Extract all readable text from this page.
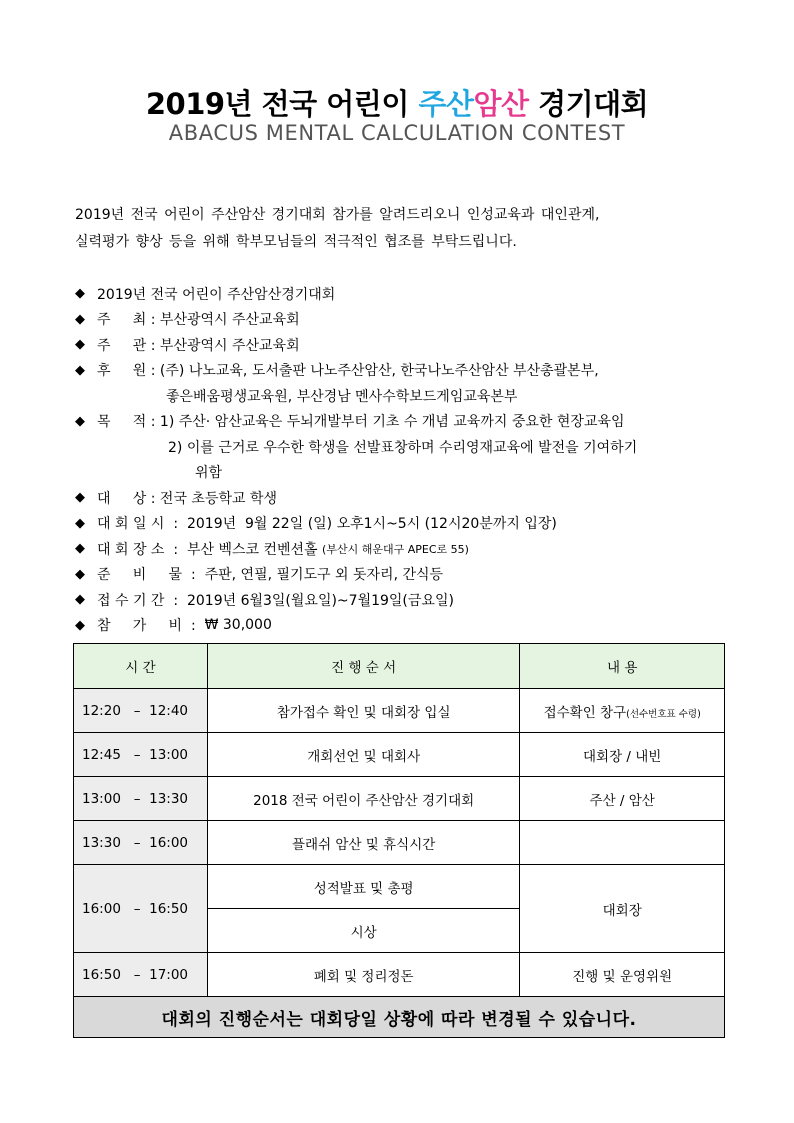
2019년 전국 어린이 주산암산 경기대회
ABACUS MENTAL CALCULATION CONTEST

2019년 전국 어린이 주산암산 경기대회 참가를 알려드리오니 인성교육과 대인관계,

실력평가 향상 등을 위해 학부모님들의 적극적인 협조를 부탁드립니다.

◆ 2019년 전국 어린이 주산암산경기대회
◆ 주     최 : 부산광역시 주산교육회
◆ 주     관 : 부산광역시 주산교육회
◆ 후     원 : (주) 나노교육, 도서출판 나노주산암산, 한국나노주산암산 부산총괄본부,
좋은배움평생교육원, 부산경남 멘사수학보드게임교육본부
◆ 목     적 : 1) 주산· 암산교육은 두뇌개발부터 기초 수 개념 교육까지 중요한 현장교육임
2) 이를 근거로 우수한 학생을 선발표창하며 수리영재교육에 발전을 기여하기
위함
◆ 대     상 : 전국 초등학교 학생
◆ 대 회 일 시  : 2019년  9월 22일 (일) 오후1시~5시 (12시20분까지 입장)
◆ 대 회 장 소  : 부산 벡스코 컨벤션홀 (부산시 해운대구 APEC로 55)
◆ 준     비     물  : 주판, 연필, 필기도구 외 돗자리, 간식등
◆ 접 수 기 간  : 2019년 6월3일(월요일)~7월19일(금요일)
◆ 참     가     비  : ₩ 30,000
시 간	진 행 순 서	내 용
12:20   –  12:40	참가접수 확인 및 대회장 입실	접수확인 창구(선수번호표 수령)
12:45   –  13:00	개회선언 및 대회사	대회장 / 내빈
13:00   –  13:30	2018 전국 어린이 주산암산 경기대회	주산 / 암산
13:30   –  16:00	플래쉬 암산 및 휴식시간	
16:00   –  16:50	성적발표 및 총평	대회장
	시상	
16:50   –  17:00	폐회 및 정리정돈	진행 및 운영위원
대회의 진행순서는 대회당일 상황에 따라 변경될 수 있습니다.		
